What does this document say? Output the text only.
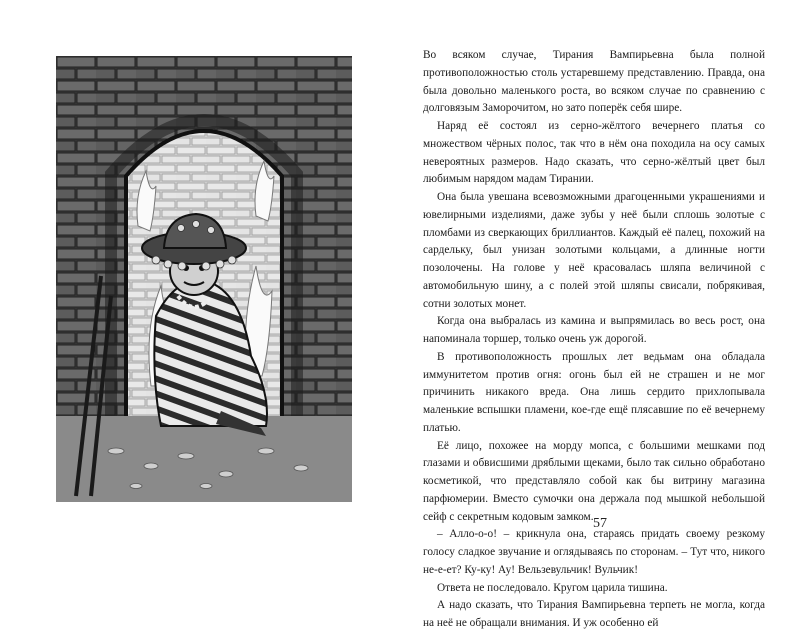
Во всяком случае, Тирания Вампирьевна была полной противоположностью столь устаревшему представлению. Правда, она была довольно маленького роста, во всяком случае по сравнению с долговязым Заморочитом, но зато поперёк себя шире.

Наряд её состоял из серно-жёлтого вечернего платья со множеством чёрных полос, так что в нём она походила на осу самых невероятных размеров. Надо сказать, что серно-жёлтый цвет был любимым нарядом мадам Тирании.

Она была увешана всевозможными драгоценными украшениями и ювелирными изделиями, даже зубы у неё были сплошь золотые с пломбами из сверкающих бриллиантов. Каждый её палец, похожий на сардельку, был унизан золотыми кольцами, а длинные ногти позолочены. На голове у неё красовалась шляпа величиной с автомобильную шину, а с полей этой шляпы свисали, побрякивая, сотни золотых монет.

Когда она выбралась из камина и выпрямилась во весь рост, она напоминала торшер, только очень уж дорогой.

В противоположность прошлых лет ведьмам она обладала иммунитетом против огня: огонь был ей не страшен и не мог причинить никакого вреда. Она лишь сердито прихлопывала маленькие вспышки пламени, кое-где ещё плясавшие по её вечернему платью.

Её лицо, похожее на морду мопса, с большими мешками под глазами и обвисшими дряблыми щеками, было так сильно обработано косметикой, что представляло собой как бы витрину магазина парфюмерии. Вместо сумочки она держала под мышкой небольшой сейф с секретным кодовым замком.

– Алло-о-о! – крикнула она, стараясь придать своему резкому голосу сладкое звучание и оглядываясь по сторонам. – Тут что, никого не-е-ет? Ку-ку! Ау! Вельзевульчик! Вульчик!

Ответа не последовало. Кругом царила тишина.

А надо сказать, что Тирания Вампирьевна терпеть не могла, когда на неё не обращали внимания. И уж особенно ей

57
